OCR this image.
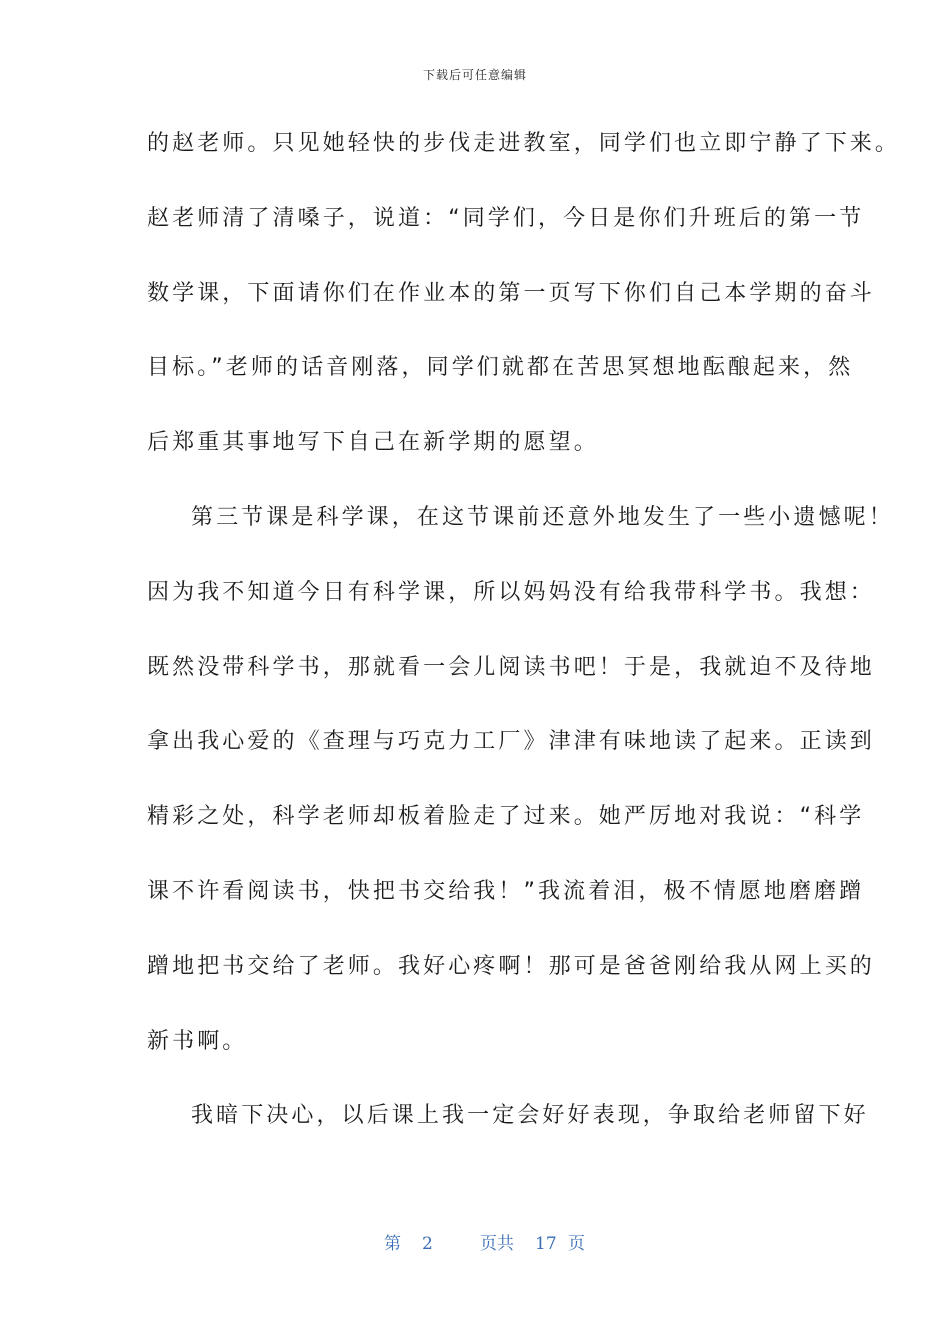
下载后可任意编辑
的赵老师。只见她轻快的步伐走进教室，同学们也立即宁静了下来。
赵老师清了清嗓子，说道：“同学们，今日是你们升班后的第一节
数学课，下面请你们在作业本的第一页写下你们自己本学期的奋斗
目标。”老师的话音刚落，同学们就都在苦思冥想地酝酿起来，然
后郑重其事地写下自己在新学期的愿望。
第三节课是科学课，在这节课前还意外地发生了一些小遗憾呢！
因为我不知道今日有科学课，所以妈妈没有给我带科学书。我想：
既然没带科学书，那就看一会儿阅读书吧！于是，我就迫不及待地
拿出我心爱的《查理与巧克力工厂》津津有味地读了起来。正读到
精彩之处，科学老师却板着脸走了过来。她严厉地对我说：“科学
课不许看阅读书，快把书交给我！”我流着泪，极不情愿地磨磨蹭
蹭地把书交给了老师。我好心疼啊！那可是爸爸刚给我从网上买的
新书啊。
我暗下决心，以后课上我一定会好好表现，争取给老师留下好
第 2	页共 17 页
